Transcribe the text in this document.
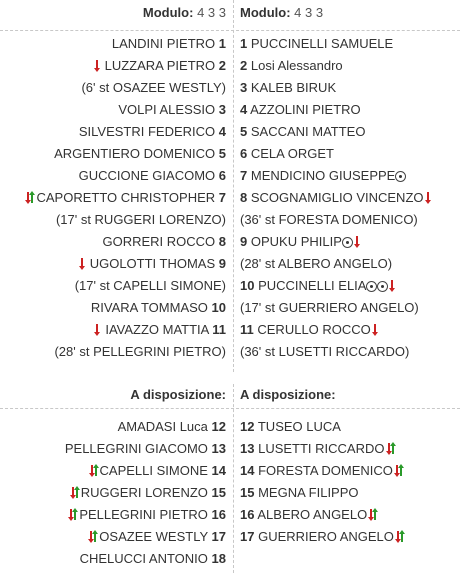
Modulo: 4 3 3
LANDINI PIETRO 1
LUZZARA PIETRO 2
(6' st OSAZEE WESTLY)
VOLPI ALESSIO 3
SILVESTRI FEDERICO 4
ARGENTIERO DOMENICO 5
GUCCIONE GIACOMO 6
CAPORETTO CHRISTOPHER 7
(17' st RUGGERI LORENZO)
GORRERI ROCCO 8
UGOLOTTI THOMAS 9
(17' st CAPELLI SIMONE)
RIVARA TOMMASO 10
IAVAZZO MATTIA 11
(28' st PELLEGRINI PIETRO)
Modulo: 4 3 3
1 PUCCINELLI SAMUELE
2 Losi Alessandro
3 KALEB BIRUK
4 AZZOLINI PIETRO
5 SACCANI MATTEO
6 CELA ORGET
7 MENDICINO GIUSEPPE
8 SCOGNAMIGLIO VINCENZO
(36' st FORESTA DOMENICO)
9 OPUKU PHILIP
(28' st ALBERO ANGELO)
10 PUCCINELLI ELIA
(17' st GUERRIERO ANGELO)
11 CERULLO ROCCO
(36' st LUSETTI RICCARDO)
A disposizione:
AMADASI Luca 12
PELLEGRINI GIACOMO 13
CAPELLI SIMONE 14
RUGGERI LORENZO 15
PELLEGRINI PIETRO 16
OSAZEE WESTLY 17
CHELUCCI ANTONIO 18
A disposizione:
12 TUSEO LUCA
13 LUSETTI RICCARDO
14 FORESTA DOMENICO
15 MEGNA FILIPPO
16 ALBERO ANGELO
17 GUERRIERO ANGELO
